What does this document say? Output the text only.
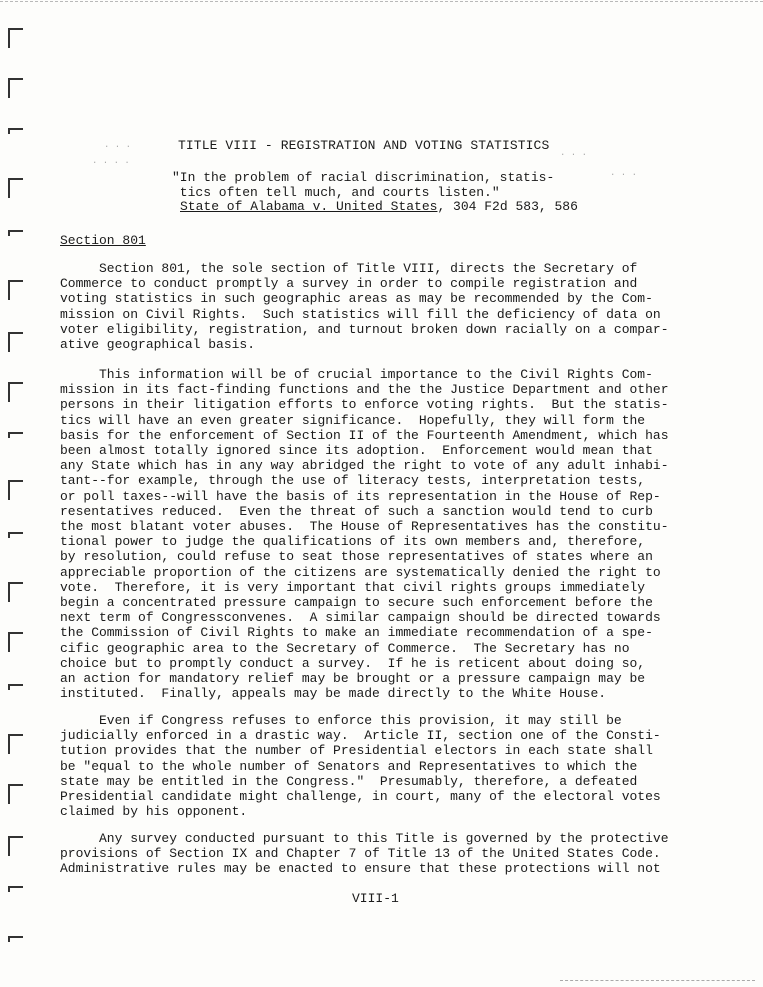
· · ·
· · · ·
· · ·
· · ·
TITLE VIII - REGISTRATION AND VOTING STATISTICS
"In the problem of racial discrimination, statis-
tics often tell much, and courts listen."
State of Alabama v. United States, 304 F2d 583, 586
Section 801

Section 801, the sole section of Title VIII, directs the Secretary of
Commerce to conduct promptly a survey in order to compile registration and
voting statistics in such geographic areas as may be recommended by the Com-
mission on Civil Rights.  Such statistics will fill the deficiency of data on
voter eligibility, registration, and turnout broken down racially on a compar-
ative geographical basis.

This information will be of crucial importance to the Civil Rights Com-
mission in its fact-finding functions and the the Justice Department and other
persons in their litigation efforts to enforce voting rights.  But the statis-
tics will have an even greater significance.  Hopefully, they will form the
basis for the enforcement of Section II of the Fourteenth Amendment, which has
been almost totally ignored since its adoption.  Enforcement would mean that
any State which has in any way abridged the right to vote of any adult inhabi-
tant--for example, through the use of literacy tests, interpretation tests,
or poll taxes--will have the basis of its representation in the House of Rep-
resentatives reduced.  Even the threat of such a sanction would tend to curb
the most blatant voter abuses.  The House of Representatives has the constitu-
tional power to judge the qualifications of its own members and, therefore,
by resolution, could refuse to seat those representatives of states where an
appreciable proportion of the citizens are systematically denied the right to
vote.  Therefore, it is very important that civil rights groups immediately
begin a concentrated pressure campaign to secure such enforcement before the
next term of Congressconvenes.  A similar campaign should be directed towards
the Commission of Civil Rights to make an immediate recommendation of a spe-
cific geographic area to the Secretary of Commerce.  The Secretary has no
choice but to promptly conduct a survey.  If he is reticent about doing so,
an action for mandatory relief may be brought or a pressure campaign may be
instituted.  Finally, appeals may be made directly to the White House.

Even if Congress refuses to enforce this provision, it may still be
judicially enforced in a drastic way.  Article II, section one of the Consti-
tution provides that the number of Presidential electors in each state shall
be "equal to the whole number of Senators and Representatives to which the
state may be entitled in the Congress."  Presumably, therefore, a defeated
Presidential candidate might challenge, in court, many of the electoral votes
claimed by his opponent.

Any survey conducted pursuant to this Title is governed by the protective
provisions of Section IX and Chapter 7 of Title 13 of the United States Code.
Administrative rules may be enacted to ensure that these protections will not

VIII-1
